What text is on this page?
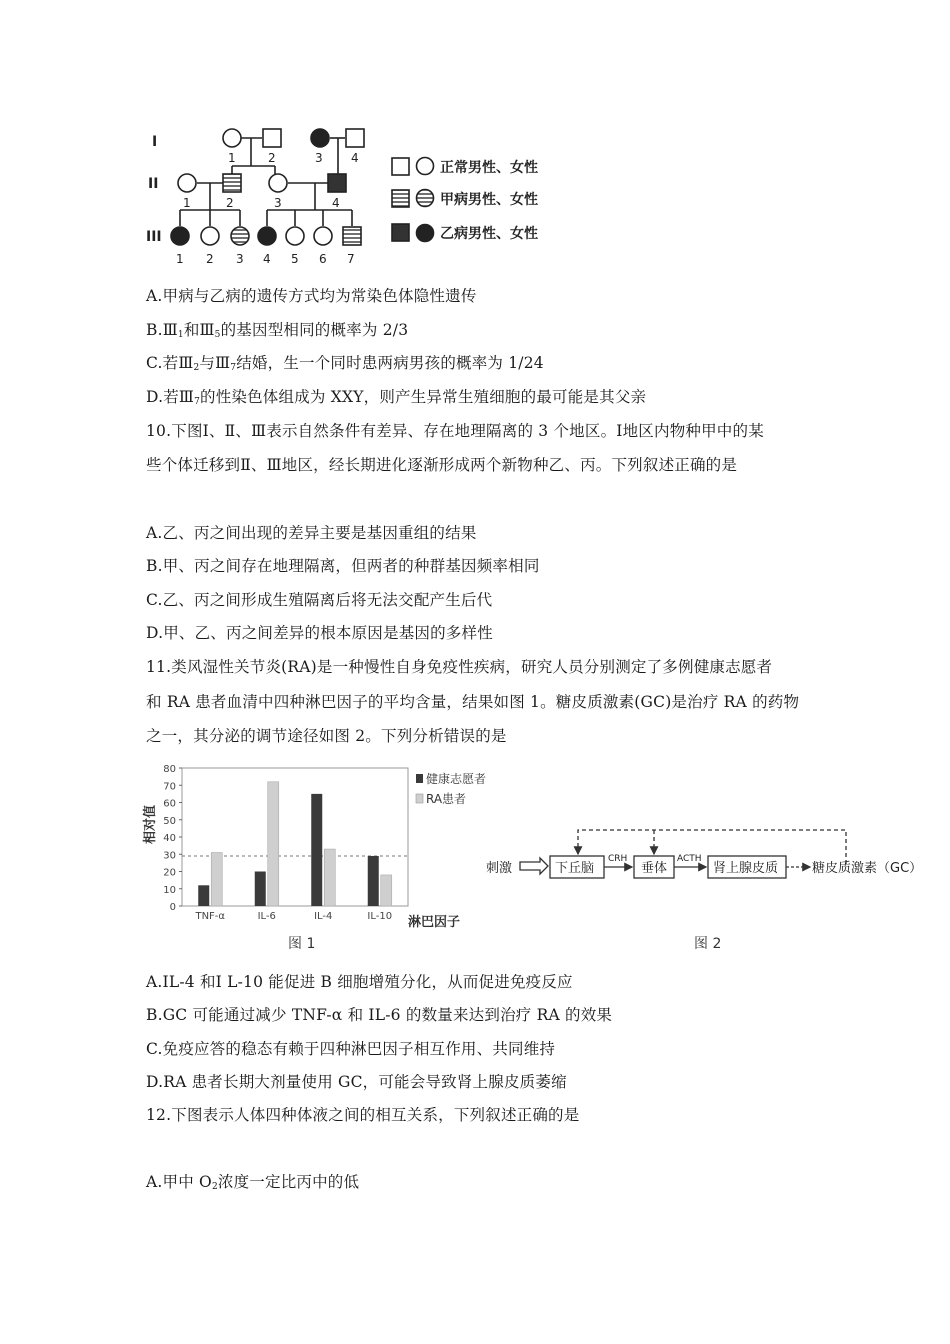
I
II
III
1	2	3 4
1	2	3	4
1 2 3 4 5 6 7
正常男性、女性
甲病男性、女性
乙病男性、女性
A.甲病与乙病的遗传方式均为常染色体隐性遗传
$B.Ⅲ_1$和$Ⅲ_5$的基因型相同的概率为 2/3
C.若$Ⅲ_2$与$Ⅲ_7$结婚，生一个同时患两病男孩的概率为 1/24
D.若$Ⅲ_7$的性染色体组成为 XXY，则产生异常生殖细胞的最可能是其父亲
10.下图Ⅰ、Ⅱ、Ⅲ表示自然条件有差异、存在地理隔离的 3 个地区。Ⅰ地区内物种甲中的某
些个体迁移到Ⅱ、Ⅲ地区，经长期进化逐渐形成两个新物种乙、丙。下列叙述正确的是
A.乙、丙之间出现的差异主要是基因重组的结果
B.甲、丙之间存在地理隔离，但两者的种群基因频率相同
C.乙、丙之间形成生殖隔离后将无法交配产生后代
D.甲、乙、丙之间差异的根本原因是基因的多样性
11.类风湿性关节炎(RA)是一种慢性自身免疫性疾病，研究人员分别测定了多例健康志愿者
和 RA 患者血清中四种淋巴因子的平均含量，结果如图 1。糖皮质激素(GC)是治疗 RA 的药物
之一，其分泌的调节途径如图 2。下列分析错误的是
0
10
20
30
40
50
60
70
80
TNF-α	IL-6	IL-4	IL-10
相对值
淋巴因子
图 1
健康志愿者
RA患者
刺激	下丘脑	垂体	肾上腺皮质	糖皮质激素（GC）
CRH	ACTH
图 2
A.ⅠL-4 和Ⅰ L-10 能促进 B 细胞增殖分化，从而促进免疫反应
B.GC 可能通过减少 TNF-α 和 IL-6 的数量来达到治疗 RA 的效果
C.免疫应答的稳态有赖于四种淋巴因子相互作用、共同维持
D.RA 患者长期大剂量使用 GC，可能会导致肾上腺皮质萎缩
12.下图表示人体四种体液之间的相互关系，下列叙述正确的是
A.甲中 $O_2$浓度一定比丙中的低
